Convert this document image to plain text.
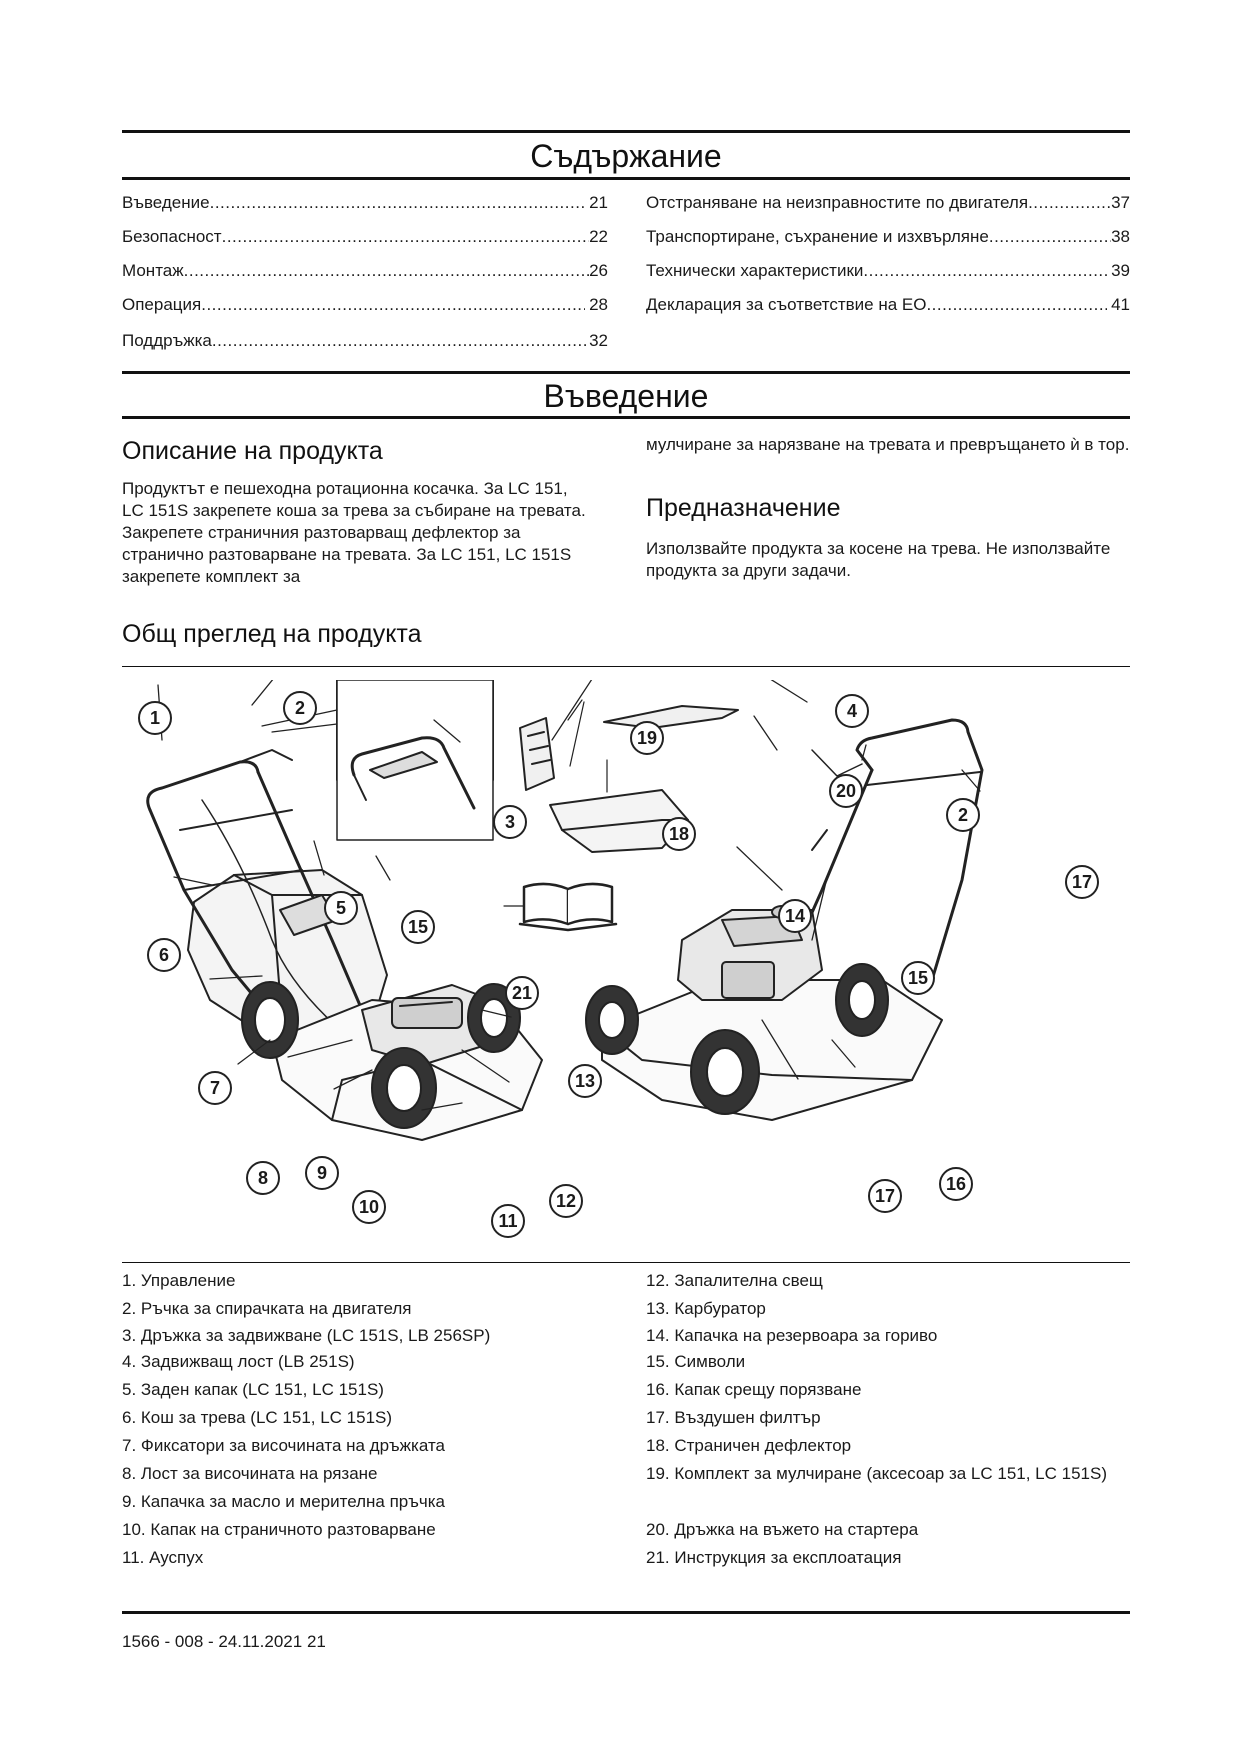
Съдържание
Въведение .....	21
Безопасност .....	22
Монтаж .....	26
Операция .....	28
Поддръжка .....	32
Отстраняване на неизправностите по двигателя .....	37
Транспортиране, съхранение и изхвърляне .....	38
Технически характеристики .....	39
Декларация за съответствие на ЕО .....	41
Въведение
Описание на продукта

Продуктът е пешеходна ротационна косачка. За LC 151, LC 151S закрепете коша за трева за събиране на тревата. Закрепете страничния разтоварващ дефлектор за странично разтоварване на тревата. За LC 151, LC 151S закрепете комплект за

мулчиране за нарязване на тревата и превръщането ѝ в тор.

Предназначение

Използвайте продукта за косене на трева. Не използвайте продукта за други задачи.

Общ преглед на продукта
1	2
3
4
5
6
7
8	9
10
11
12
13
14
15
16
17
18
19
20
21
2
15
17
1. Управление
2. Ръчка за спирачката на двигателя
3. Дръжка за задвижване (LC 151S, LB 256SP)
4. Задвижващ лост (LB 251S)
5. Заден капак (LC 151, LC 151S)
6. Кош за трева (LC 151, LC 151S)
7. Фиксатори за височината на дръжката
8. Лост за височината на рязане
9. Капачка за масло и мерителна пръчка
10. Капак на страничното разтоварване
11. Ауспух
12. Запалителна свещ
13. Карбуратор
14. Капачка на резервоара за гориво
15. Символи
16. Капак срещу порязване
17. Въздушен филтър
18. Страничен дефлектор
19. Комплект за мулчиране (аксесоар за LC 151, LC 151S)
20. Дръжка на въжето на стартера
21. Инструкция за експлоатация
1566 - 008 - 24.11.2021 21
